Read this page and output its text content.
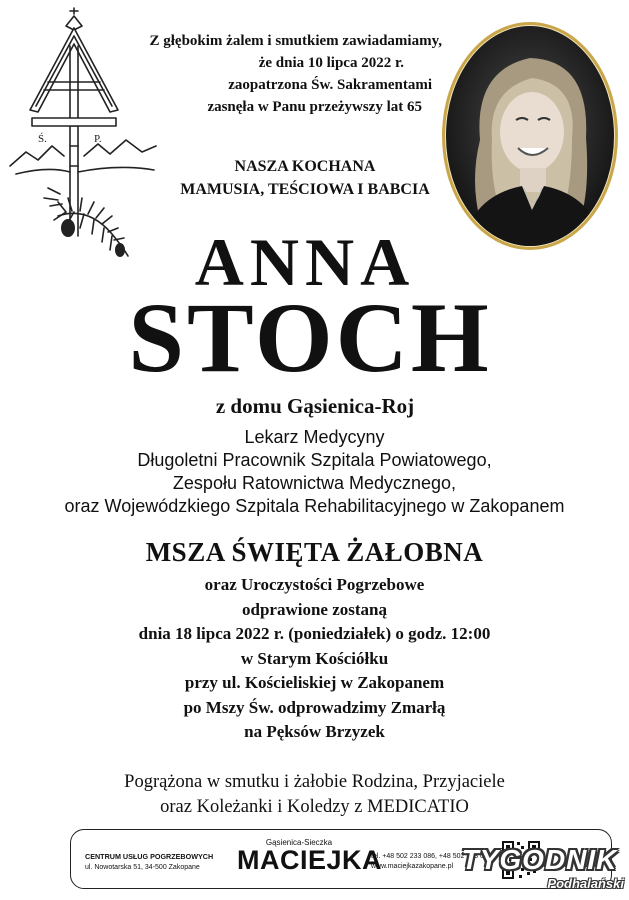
Ś.	P.
Z głębokim żalem i smutkiem zawiadamiamy,
że dnia 10 lipca 2022 r.
zaopatrzona Św. Sakramentami
zasnęła w Panu przeżywszy lat 65
NASZA KOCHANA
MAMUSIA, TEŚCIOWA I BABCIA
ANNA
STOCH
z domu Gąsienica-Roj
Lekarz Medycyny
Długoletni Pracownik Szpitala Powiatowego,
Zespołu Ratownictwa Medycznego,
oraz Wojewódzkiego Szpitala Rehabilitacyjnego w Zakopanem
MSZA ŚWIĘTA ŻAŁOBNA
oraz Uroczystości Pogrzebowe
odprawione zostaną
dnia 18 lipca 2022 r. (poniedziałek) o godz. 12:00
w Starym Kościółku
przy ul. Kościeliskiej w Zakopanem
po Mszy Św. odprowadzimy Zmarłą
na Pęksów Brzyzek
Pogrążona w smutku i żałobie Rodzina, Przyjaciele
oraz Koleżanki i Koledzy z MEDICATIO
CENTRUM USŁUG POGRZEBOWYCH
ul. Nowotarska 51, 34-500 Zakopane
Gąsienica-Sieczka
MACIEJKA
tel. +48 502 233 086, +48 502 233 089
www.maciejkazakopane.pl TYGODNIK
Podhalański
